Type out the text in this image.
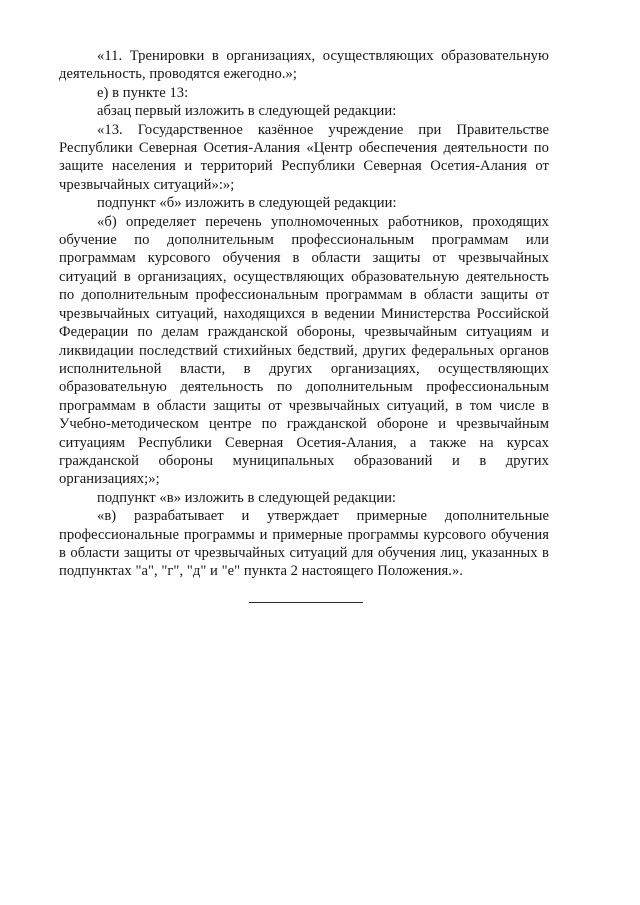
«11. Тренировки в организациях, осуществляющих образовательную деятельность, проводятся ежегодно.»;

е) в пункте 13:

абзац первый изложить в следующей редакции:

«13. Государственное казённое учреждение при Правительстве Республики Северная Осетия-Алания «Центр обеспечения деятельности по защите населения и территорий Республики Северная Осетия-Алания от чрезвычайных ситуаций»:»;

подпункт «б» изложить в следующей редакции:

«б) определяет перечень уполномоченных работников, проходящих обучение по дополнительным профессиональным программам или программам курсового обучения в области защиты от чрезвычайных ситуаций в организациях, осуществляющих образовательную деятельность по дополнительным профессиональным программам в области защиты от чрезвычайных ситуаций, находящихся в ведении Министерства Российской Федерации по делам гражданской обороны, чрезвычайным ситуациям и ликвидации последствий стихийных бедствий, других федеральных органов исполнительной власти, в других организациях, осуществляющих образовательную деятельность по дополнительным профессиональным программам в области защиты от чрезвычайных ситуаций, в том числе в Учебно-методическом центре по гражданской обороне и чрезвычайным ситуациям Республики Северная Осетия-Алания, а также на курсах гражданской обороны муниципальных образований и в других организациях;»;

подпункт «в» изложить в следующей редакции:

«в) разрабатывает и утверждает примерные дополнительные профессиональные программы и примерные программы курсового обучения в области защиты от чрезвычайных ситуаций для обучения лиц, указанных в подпунктах "а", "г", "д" и "е" пункта 2 настоящего Положения.».
